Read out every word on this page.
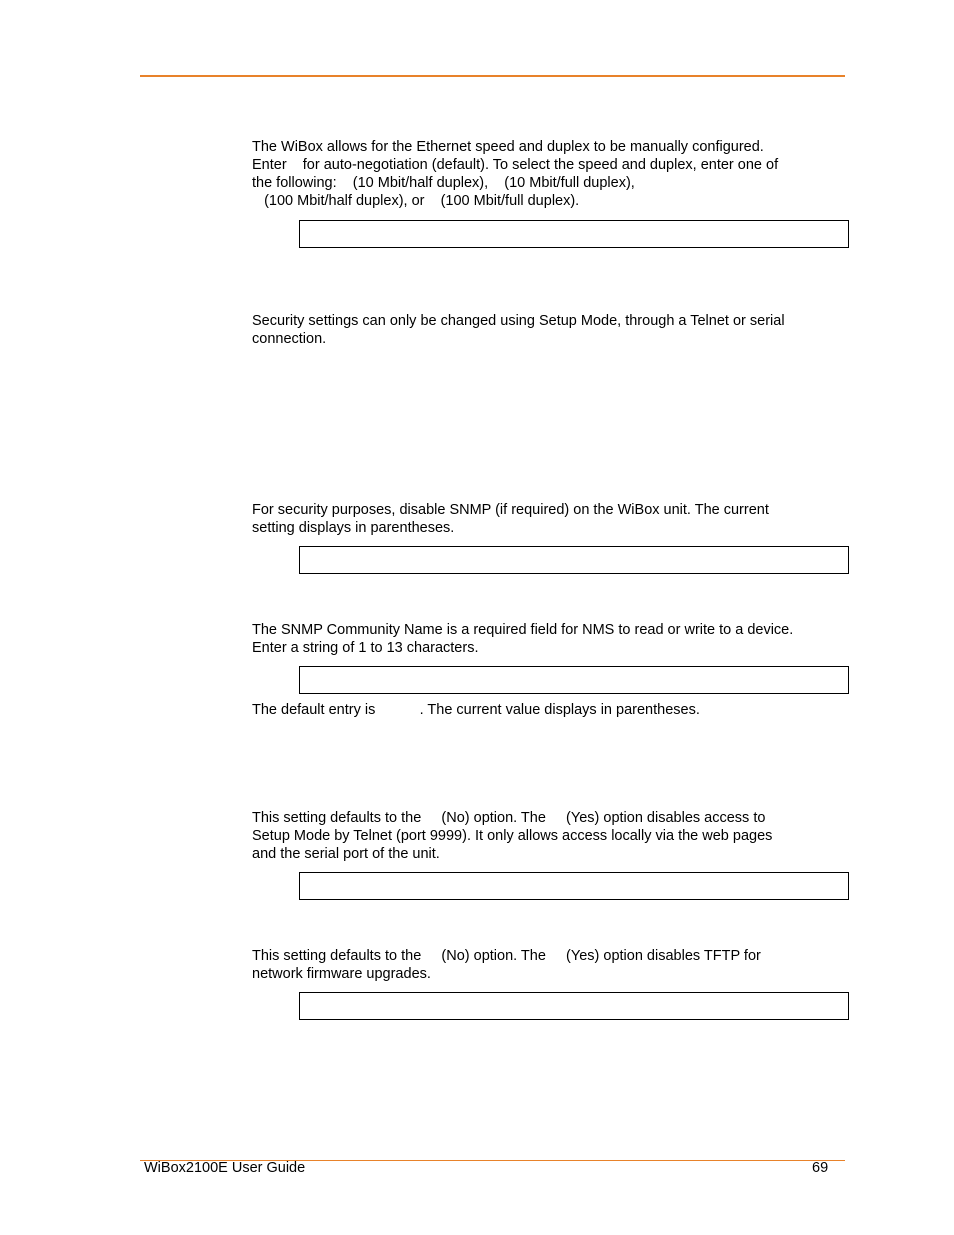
The WiBox allows for the Ethernet speed and duplex to be manually configured.
Enter    for auto-negotiation (default). To select the speed and duplex, enter one of
the following:    (10 Mbit/half duplex),    (10 Mbit/full duplex),
(100 Mbit/half duplex), or    (100 Mbit/full duplex).

Security settings can only be changed using Setup Mode, through a Telnet or serial
connection.

For security purposes, disable SNMP (if required) on the WiBox unit. The current
setting displays in parentheses.

The SNMP Community Name is a required field for NMS to read or write to a device.
Enter a string of 1 to 13 characters.

The default entry is           . The current value displays in parentheses.

This setting defaults to the     (No) option. The     (Yes) option disables access to
Setup Mode by Telnet (port 9999). It only allows access locally via the web pages
and the serial port of the unit.

This setting defaults to the     (No) option. The     (Yes) option disables TFTP for
network firmware upgrades.

WiBox2100E User Guide	69
